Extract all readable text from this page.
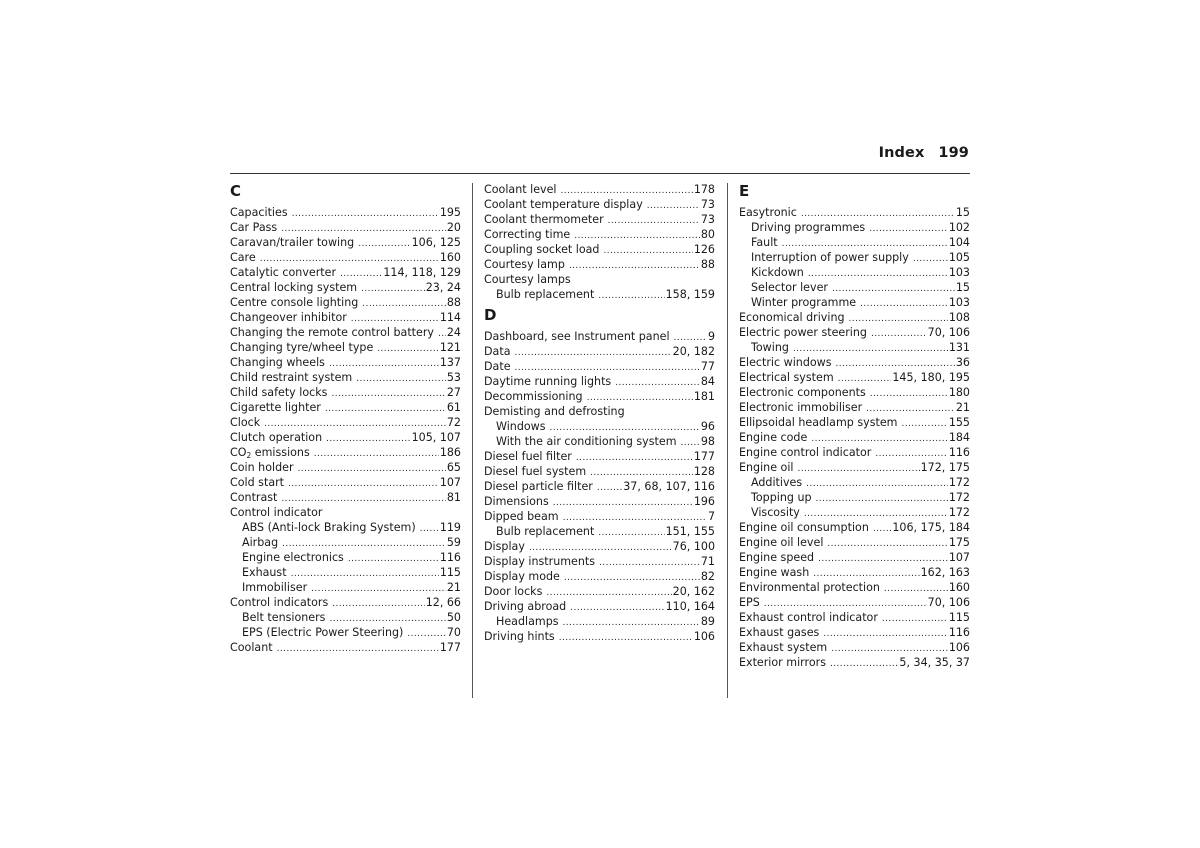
Index 199
C
Capacities .....	195
Car Pass .....	20
Caravan/trailer towing .....	106, 125
Care .....	160
Catalytic converter .....	114, 118, 129
Central locking system .....	23, 24
Centre console lighting .....	88
Changeover inhibitor .....	114
Changing the remote control battery ..... 24
Changing tyre/wheel type .....	121
Changing wheels .....	137
Child restraint system .....	53
Child safety locks .....	27
Cigarette lighter .....	61
Clock .....	72
Clutch operation .....	105, 107
$CO_2$ emissions .....	186
Coin holder .....	65
Cold start .....	107
Contrast .....	81
Control indicator
ABS (Anti-lock Braking System) ..... 119
Airbag .....	59
Engine electronics .....	116
Exhaust .....	115
Immobiliser .....	21
Control indicators .....	12, 66
Belt tensioners .....	50
EPS (Electric Power Steering) .....	70
Coolant .....	177
Coolant level .....	178
Coolant temperature display .....	73
Coolant thermometer .....	73
Correcting time .....	80
Coupling socket load .....	126
Courtesy lamp .....	88
Courtesy lamps
Bulb replacement .....	158, 159
D
Dashboard, see Instrument panel .....	9
Data .....	20, 182
Date .....	77
Daytime running lights .....	84
Decommissioning .....	181
Demisting and defrosting
Windows .....	96
With the air conditioning system ..... 98
Diesel fuel filter .....	177
Diesel fuel system .....	128
Diesel particle filter .....	37, 68, 107, 116
Dimensions .....	196
Dipped beam .....	7
Bulb replacement .....	151, 155
Display .....	76, 100
Display instruments .....	71
Display mode .....	82
Door locks .....	20, 162
Driving abroad .....	110, 164
Headlamps .....	89
Driving hints .....	106
E
Easytronic .....	15
Driving programmes .....	102
Fault .....	104
Interruption of power supply .....	105
Kickdown .....	103
Selector lever .....	15
Winter programme .....	103
Economical driving .....	108
Electric power steering .....	70, 106
Towing .....	131
Electric windows .....	36
Electrical system .....	145, 180, 195
Electronic components .....	180
Electronic immobiliser .....	21
Ellipsoidal headlamp system .....	155
Engine code .....	184
Engine control indicator .....	116
Engine oil .....	172, 175
Additives .....	172
Topping up .....	172
Viscosity .....	172
Engine oil consumption ..... 106, 175, 184
Engine oil level .....	175
Engine speed .....	107
Engine wash .....	162, 163
Environmental protection .....	160
EPS .....	70, 106
Exhaust control indicator .....	115
Exhaust gases .....	116
Exhaust system .....	106
Exterior mirrors .....	5, 34, 35, 37
